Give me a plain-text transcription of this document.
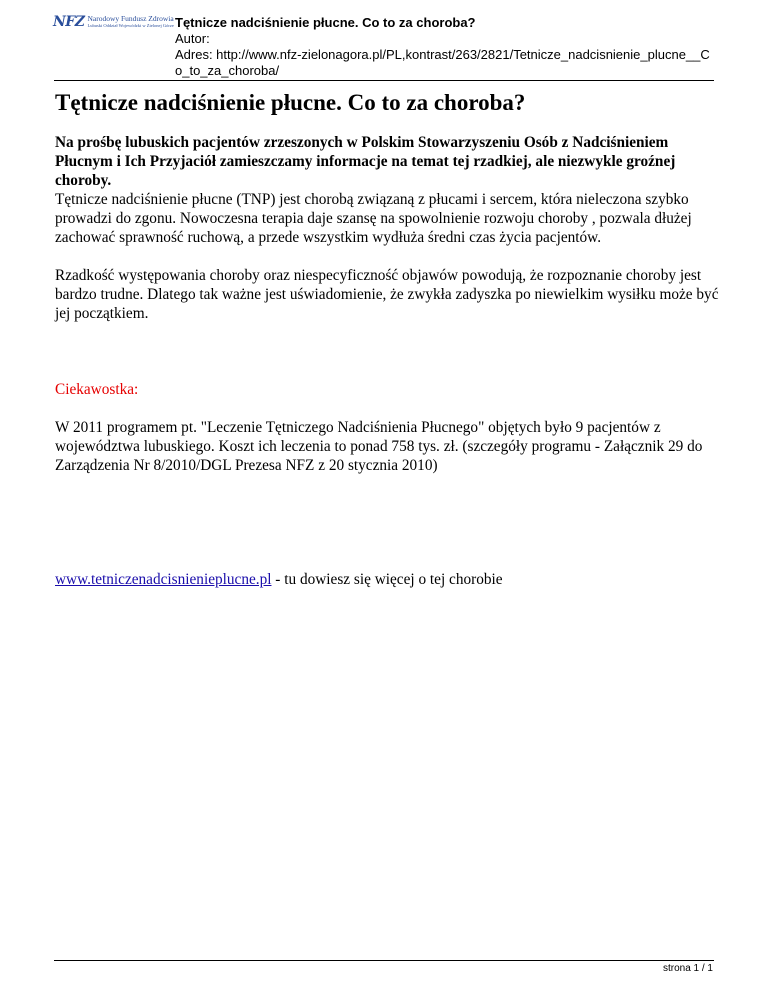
NFZ Narodowy Fundusz Zdrowia
Lubuski Oddział Wojewódzki w Zielonej Górze Tętnicze nadciśnienie płucne. Co to za choroba?
Autor:
Adres: http://www.nfz-zielonagora.pl/PL,kontrast/263/2821/Tetnicze_nadcisnienie_plucne__C
o_to_za_choroba/
Tętnicze nadciśnienie płucne. Co to za choroba?

Na prośbę lubuskich pacjentów zrzeszonych w Polskim Stowarzyszeniu Osób z Nadciśnieniem Płucnym i Ich Przyjaciół zamieszczamy informacje na temat tej rzadkiej, ale niezwykle groźnej choroby.

Tętnicze nadciśnienie płucne (TNP) jest chorobą związaną z płucami i sercem, która nieleczona szybko prowadzi do zgonu. Nowoczesna terapia daje szansę na spowolnienie rozwoju choroby , pozwala dłużej zachować sprawność ruchową, a przede wszystkim wydłuża średni czas życia pacjentów.

Rzadkość występowania choroby oraz niespecyficzność objawów powodują, że rozpoznanie choroby jest bardzo trudne. Dlatego tak ważne jest uświadomienie, że zwykła zadyszka po niewielkim wysiłku może być jej początkiem.

Ciekawostka:

W 2011 programem pt. "Leczenie Tętniczego Nadciśnienia Płucnego" objętych było 9 pacjentów z województwa lubuskiego. Koszt ich leczenia to ponad 758 tys. zł. (szczegóły programu - Załącznik 29 do Zarządzenia Nr 8/2010/DGL Prezesa NFZ z 20 stycznia 2010)

www.tetniczenadcisnienieplucne.pl - tu dowiesz się więcej o tej chorobie

strona 1 / 1
